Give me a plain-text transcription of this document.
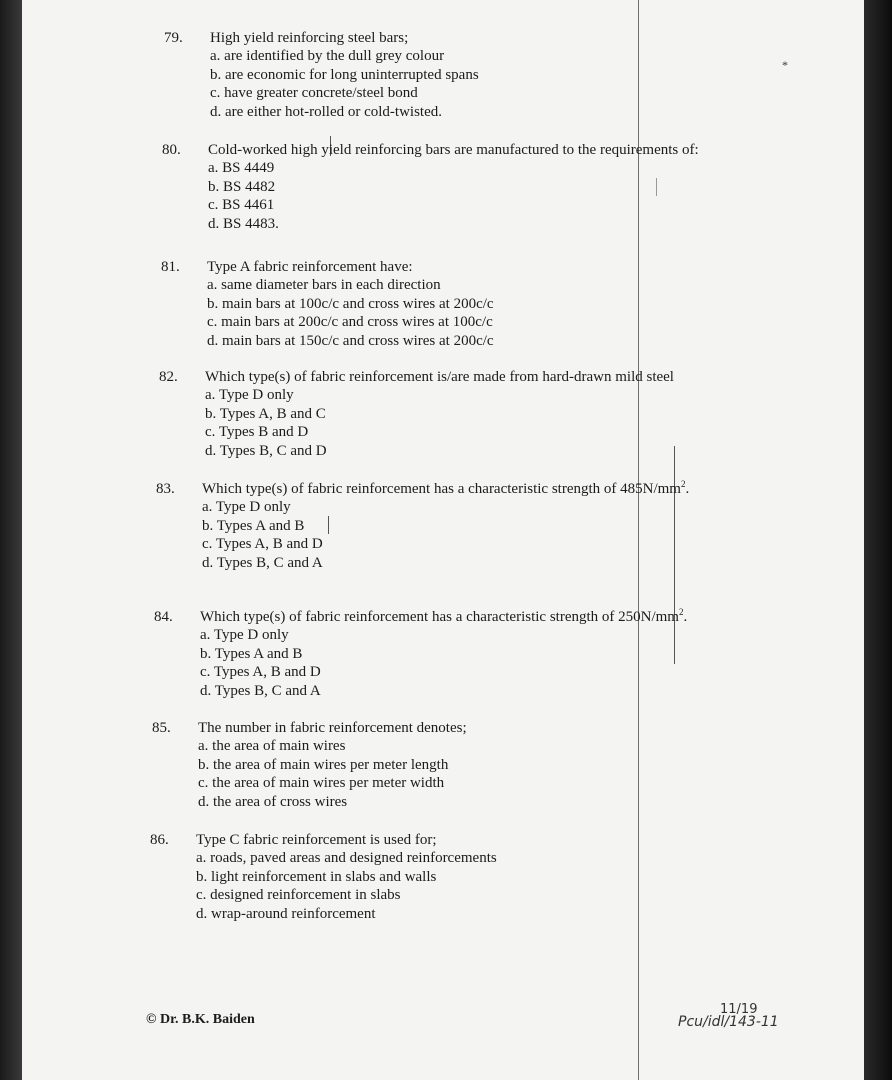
*
79. High yield reinforcing steel bars;
a. are identified by the dull grey colour
b. are economic for long uninterrupted spans
c. have greater concrete/steel bond
d. are either hot-rolled or cold-twisted.
80. Cold-worked high yield reinforcing bars are manufactured to the requirements of:
a. BS 4449
b. BS 4482
c. BS 4461
d. BS 4483.
81. Type A fabric reinforcement have:
a. same diameter bars in each direction
b. main bars at 100c/c and cross wires at 200c/c
c. main bars at 200c/c and cross wires at 100c/c
d. main bars at 150c/c and cross wires at 200c/c
82. Which type(s) of fabric reinforcement is/are made from hard-drawn mild steel
a. Type D only
b. Types A, B and C
c. Types B and D
d. Types B, C and D
83. Which type(s) of fabric reinforcement has a characteristic strength of $485N/mm^2$.
a. Type D only
b. Types A and B
c. Types A, B and D
d. Types B, C and A
84. Which type(s) of fabric reinforcement has a characteristic strength of $250N/mm^2$.
a. Type D only
b. Types A and B
c. Types A, B and D
d. Types B, C and A
85. The number in fabric reinforcement denotes;
a. the area of main wires
b. the area of main wires per meter length
c. the area of main wires per meter width
d. the area of cross wires
86. Type C fabric reinforcement is used for;
a. roads, paved areas and designed reinforcements
b. light reinforcement in slabs and walls
c. designed reinforcement in slabs
d. wrap-around reinforcement
© Dr. B.K. Baiden
11/19
Pcu/idl/143-11
